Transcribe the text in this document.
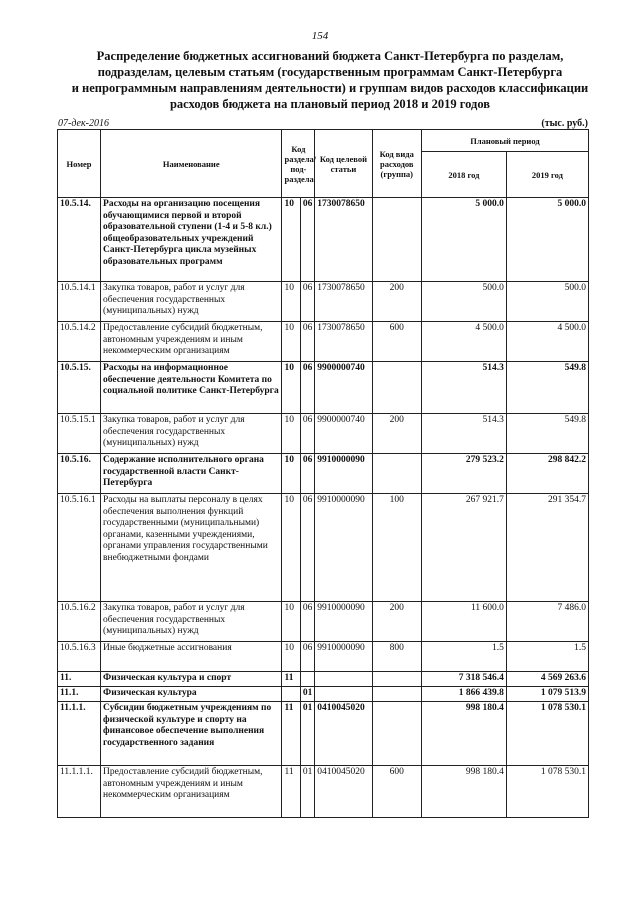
154
Распределение бюджетных ассигнований бюджета Санкт-Петербурга по разделам,
подразделам, целевым статьям (государственным программам Санкт-Петербурга
и непрограммным направлениям деятельности) и группам видов расходов классификации
расходов бюджета на плановый период 2018 и 2019 годов
07-дек-2016	(тыс. руб.)
Номер	Наименование	Код раздела/ под- раздела		Код целевой статьи	Код вида расходов (группа)	Плановый период	
						2018 год	2019 год
10.5.14.	Расходы на организацию посещения обучающимися первой и второй образовательной ступени (1-4 и 5-8 кл.) общеобразовательных учреждений Санкт-Петербурга цикла музейных образовательных программ	10	06	1730078650		5 000.0	5 000.0
10.5.14.1	Закупка товаров, работ и услуг для обеспечения государственных (муниципальных) нужд	10	06	1730078650	200	500.0	500.0
10.5.14.2	Предоставление субсидий бюджетным, автономным учреждениям и иным некоммерческим организациям	10	06	1730078650	600	4 500.0	4 500.0
10.5.15.	Расходы на информационное обеспечение деятельности Комитета по социальной политике Санкт-Петербурга	10	06	9900000740		514.3	549.8
10.5.15.1	Закупка товаров, работ и услуг для обеспечения государственных (муниципальных) нужд	10	06	9900000740	200	514.3	549.8
10.5.16.	Содержание исполнительного органа государственной власти Санкт-Петербурга	10	06	9910000090		279 523.2	298 842.2
10.5.16.1	Расходы на выплаты персоналу в целях обеспечения выполнения функций государственными (муниципальными) органами, казенными учреждениями, органами управления государственными внебюджетными фондами	10	06	9910000090	100	267 921.7	291 354.7
10.5.16.2	Закупка товаров, работ и услуг для обеспечения государственных (муниципальных) нужд	10	06	9910000090	200	11 600.0	7 486.0
10.5.16.3	Иные бюджетные ассигнования	10	06	9910000090	800	1.5	1.5
11.	Физическая культура и спорт	11				7 318 546.4	4 569 263.6
11.1.	Физическая культура		01			1 866 439.8	1 079 513.9
11.1.1.	Субсидии бюджетным учреждениям по физической культуре и спорту на финансовое обеспечение выполнения государственного задания	11	01	0410045020		998 180.4	1 078 530.1
11.1.1.1.	Предоставление субсидий бюджетным, автономным учреждениям и иным некоммерческим организациям	11	01	0410045020	600	998 180.4	1 078 530.1
